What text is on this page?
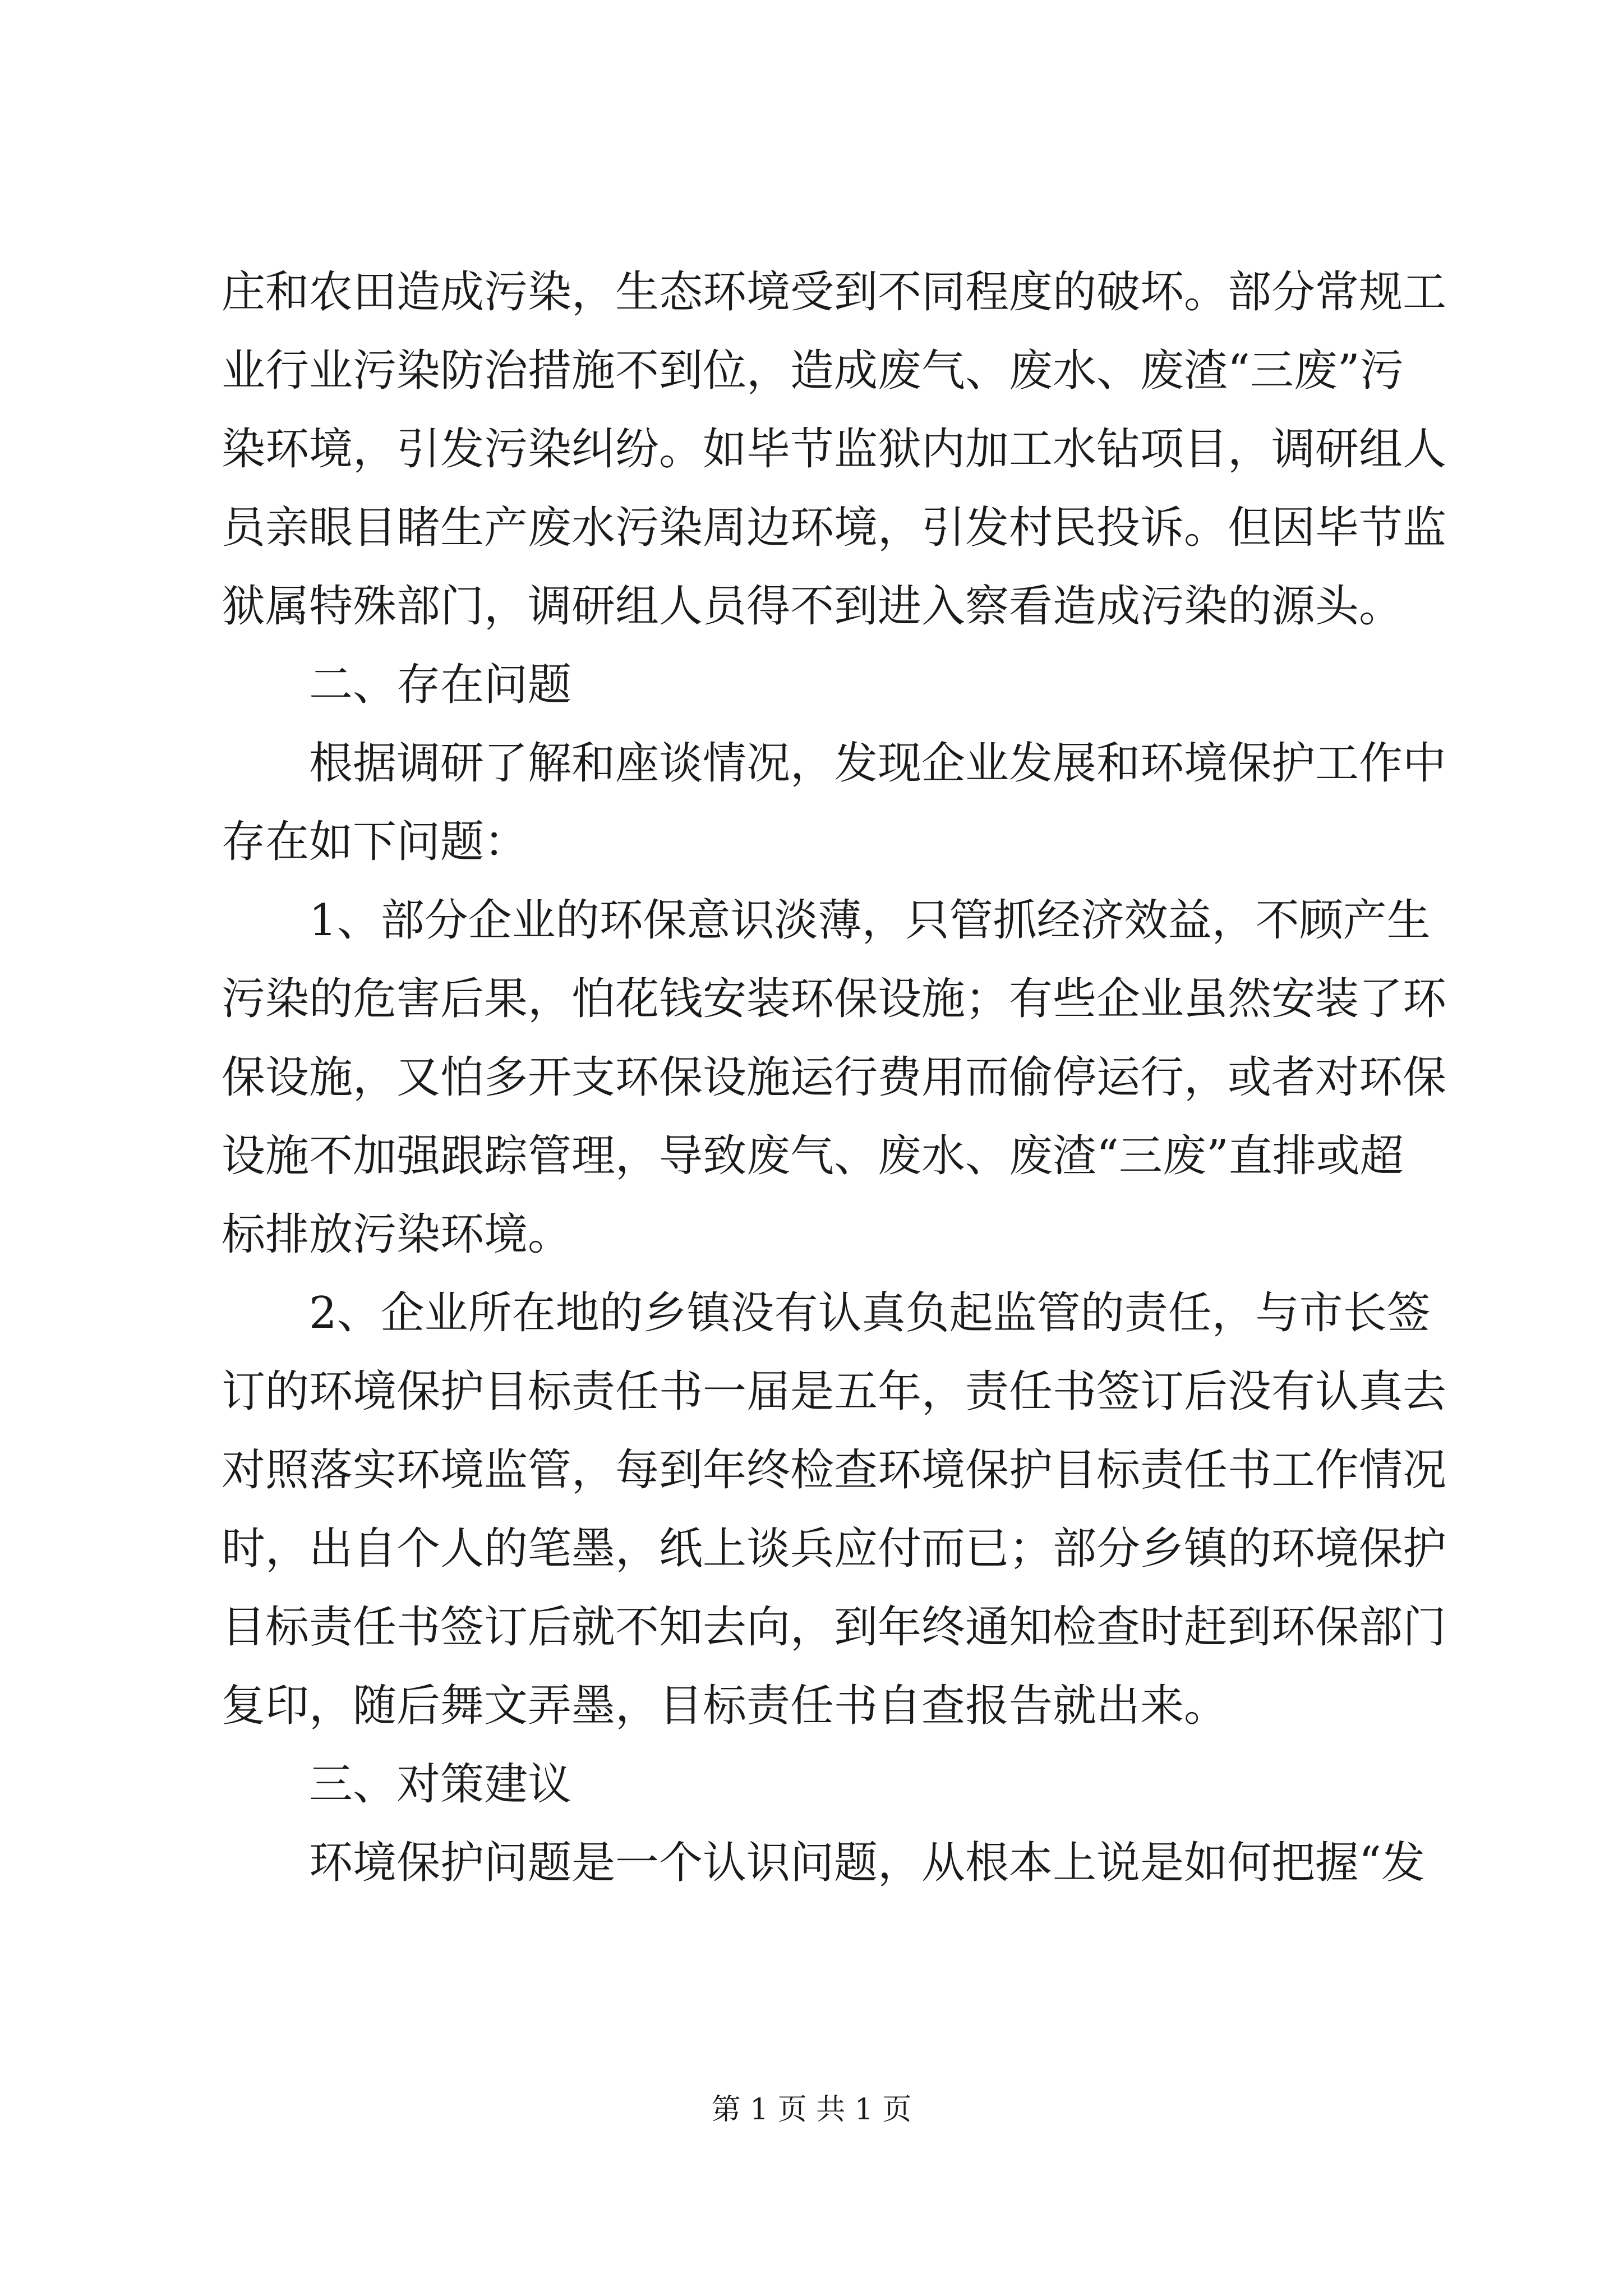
庄和农田造成污染，生态环境受到不同程度的破坏。部分常规工
业行业污染防治措施不到位，造成废气、废水、废渣“三废”污
染环境，引发污染纠纷。如毕节监狱内加工水钻项目，调研组人
员亲眼目睹生产废水污染周边环境，引发村民投诉。但因毕节监
狱属特殊部门，调研组人员得不到进入察看造成污染的源头。
二、存在问题
根据调研了解和座谈情况，发现企业发展和环境保护工作中
存在如下问题：
1、部分企业的环保意识淡薄，只管抓经济效益，不顾产生
污染的危害后果，怕花钱安装环保设施；有些企业虽然安装了环
保设施，又怕多开支环保设施运行费用而偷停运行，或者对环保
设施不加强跟踪管理，导致废气、废水、废渣“三废”直排或超
标排放污染环境。
2、企业所在地的乡镇没有认真负起监管的责任，与市长签
订的环境保护目标责任书一届是五年，责任书签订后没有认真去
对照落实环境监管，每到年终检查环境保护目标责任书工作情况
时，出自个人的笔墨，纸上谈兵应付而已；部分乡镇的环境保护
目标责任书签订后就不知去向，到年终通知检查时赶到环保部门
复印，随后舞文弄墨，目标责任书自查报告就出来。
三、对策建议
环境保护问题是一个认识问题，从根本上说是如何把握“发
第 1 页 共 1 页
